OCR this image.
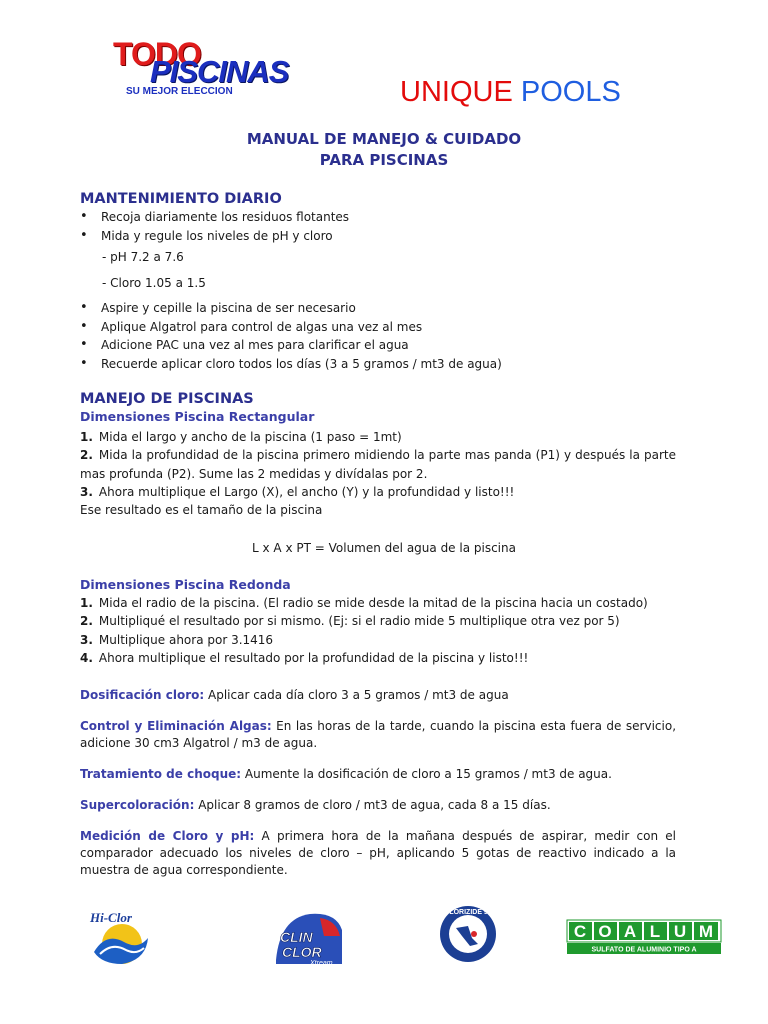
TODO
PISCINAS
SU MEJOR ELECCION	UNIQUE POOLS
MANUAL DE MANEJO & CUIDADO
PARA PISCINAS
MANTENIMIENTO DIARIO
• Recoja diariamente los residuos flotantes
• Mida y regule los niveles de pH y cloro
- pH 7.2 a 7.6
- Cloro 1.05 a 1.5
• Aspire y cepille la piscina de ser necesario
• Aplique Algatrol para control de algas una vez al mes
• Adicione PAC una vez al mes para clarificar el agua
• Recuerde aplicar cloro todos los días (3 a 5 gramos / mt3 de agua)
MANEJO DE PISCINAS
Dimensiones Piscina Rectangular
1. Mida el largo y ancho de la piscina (1 paso = 1mt)
2. Mida la profundidad de la piscina primero midiendo la parte mas panda (P1) y después la parte mas profunda (P2). Sume las 2 medidas y divídalas por 2.
3. Ahora multiplique el Largo (X), el ancho (Y) y la profundidad y listo!!!
Ese resultado es el tamaño de la piscina
L x A x PT = Volumen del agua de la piscina
Dimensiones Piscina Redonda
1. Mida el radio de la piscina. (El radio se mide desde la mitad de la piscina hacia un costado)
2. Multipliqué el resultado por si mismo. (Ej: si el radio mide 5 multiplique otra vez por 5)
3. Multiplique ahora por 3.1416
4. Ahora multiplique el resultado por la profundidad de la piscina y listo!!!
Dosificación cloro: Aplicar cada día cloro 3 a 5 gramos / mt3 de agua
Control y Eliminación Algas: En las horas de la tarde, cuando la piscina esta fuera de servicio, adicione 30 cm3 Algatrol / m3 de agua.
Tratamiento de choque: Aumente la dosificación de cloro a 15 gramos / mt3 de agua.
Supercoloración: Aplicar 8 gramos de cloro / mt3 de agua, cada 8 a 15 días.
Medición de Cloro y pH: A primera hora de la mañana después de aspirar, medir con el comparador adecuado los niveles de cloro – pH, aplicando 5 gotas de reactivo indicado a la muestra de agua correspondiente.
Hi-Clor
CLIN
CLOR
Xtream
CLORIZIDE 91
C O A L U M
SULFATO DE ALUMINIO TIPO A
